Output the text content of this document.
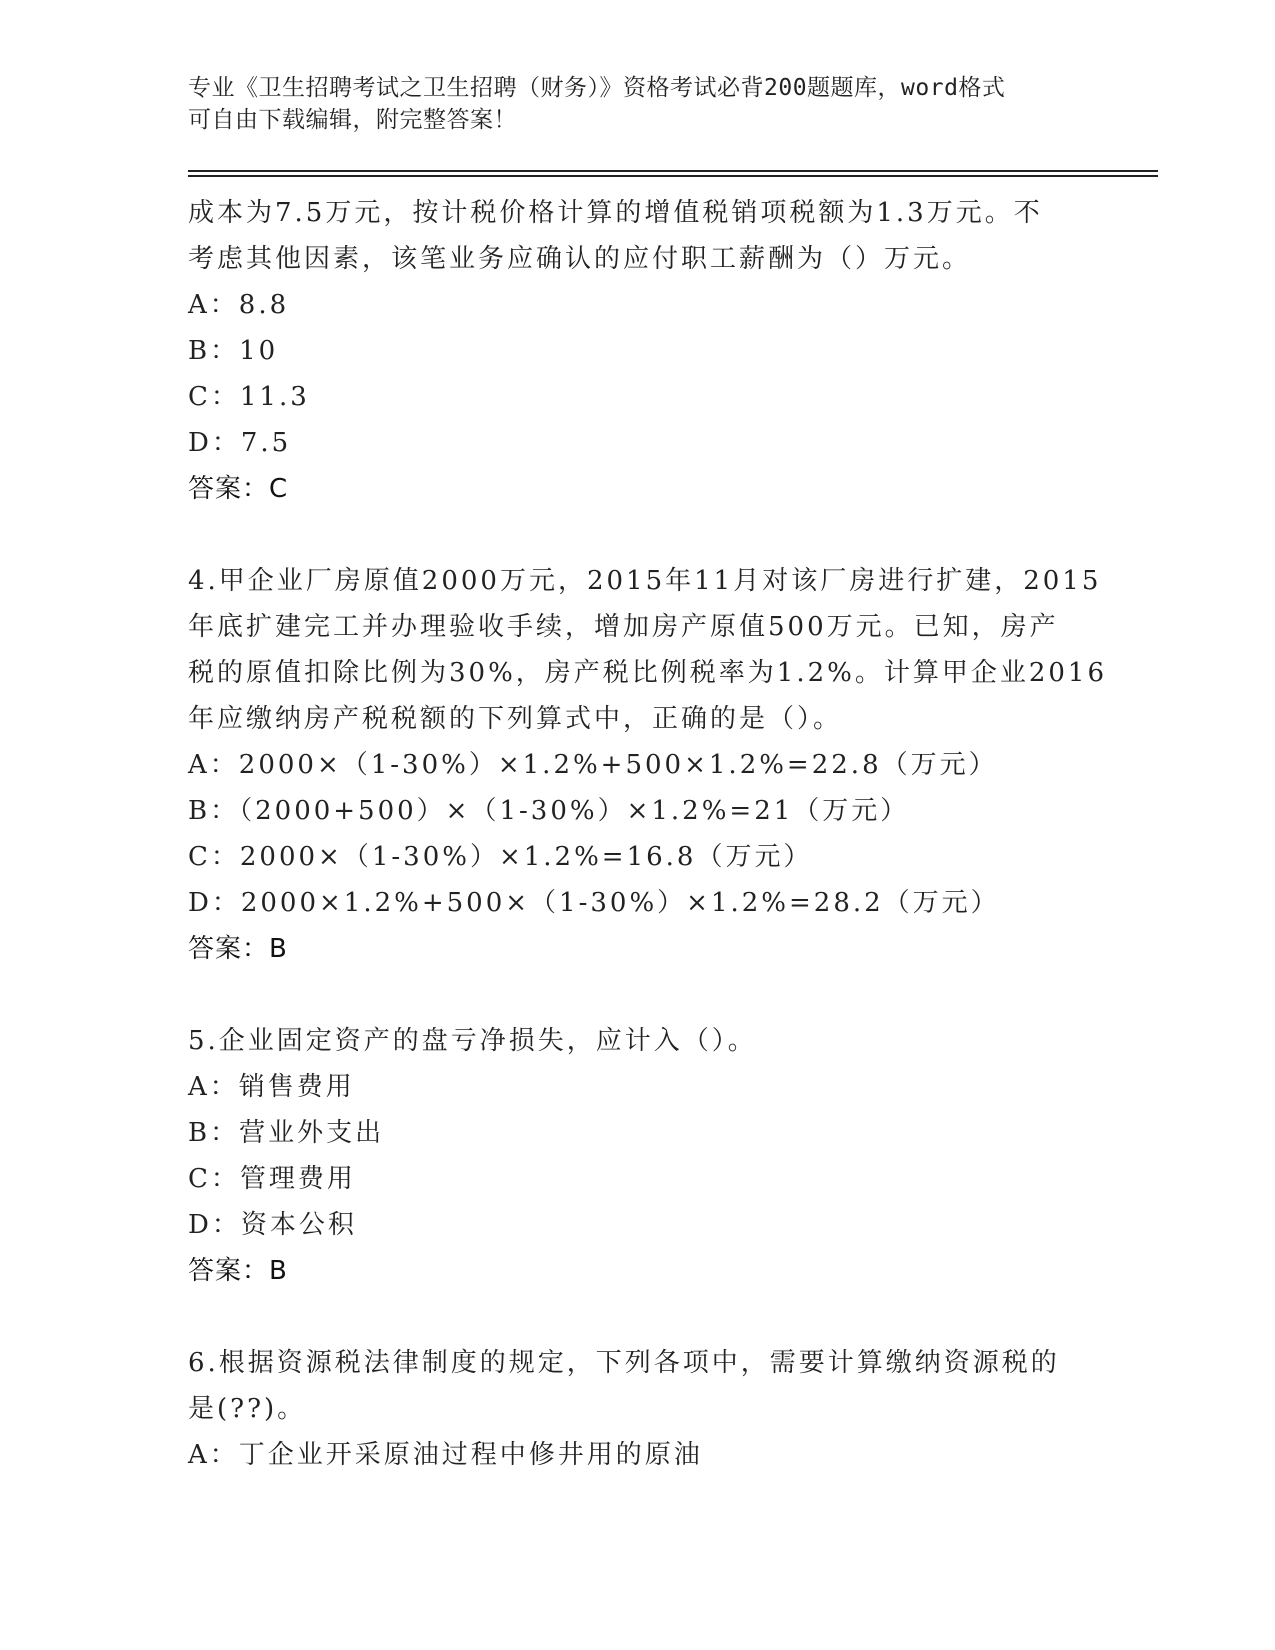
专业《卫生招聘考试之卫生招聘（财务）》资格考试必背200题题库，word格式
可自由下载编辑，附完整答案！
成本为7.5万元，按计税价格计算的增值税销项税额为1.3万元。不
考虑其他因素，该笔业务应确认的应付职工薪酬为（）万元。
A：8.8
B：10
C：11.3
D：7.5
答案：C
4.甲企业厂房原值2000万元，2015年11月对该厂房进行扩建，2015
年底扩建完工并办理验收手续，增加房产原值500万元。已知，房产
税的原值扣除比例为30%，房产税比例税率为1.2%。计算甲企业2016
年应缴纳房产税税额的下列算式中，正确的是（）。
A：2000×（1-30%）×1.2%+500×1.2%=22.8（万元）
B：（2000+500）×（1-30%）×1.2%=21（万元）
C：2000×（1-30%）×1.2%=16.8（万元）
D：2000×1.2%+500×（1-30%）×1.2%=28.2（万元）
答案：B
5.企业固定资产的盘亏净损失，应计入（）。
A：销售费用
B：营业外支出
C：管理费用
D：资本公积
答案：B
6.根据资源税法律制度的规定，下列各项中，需要计算缴纳资源税的
是(??)。
A：丁企业开采原油过程中修井用的原油
